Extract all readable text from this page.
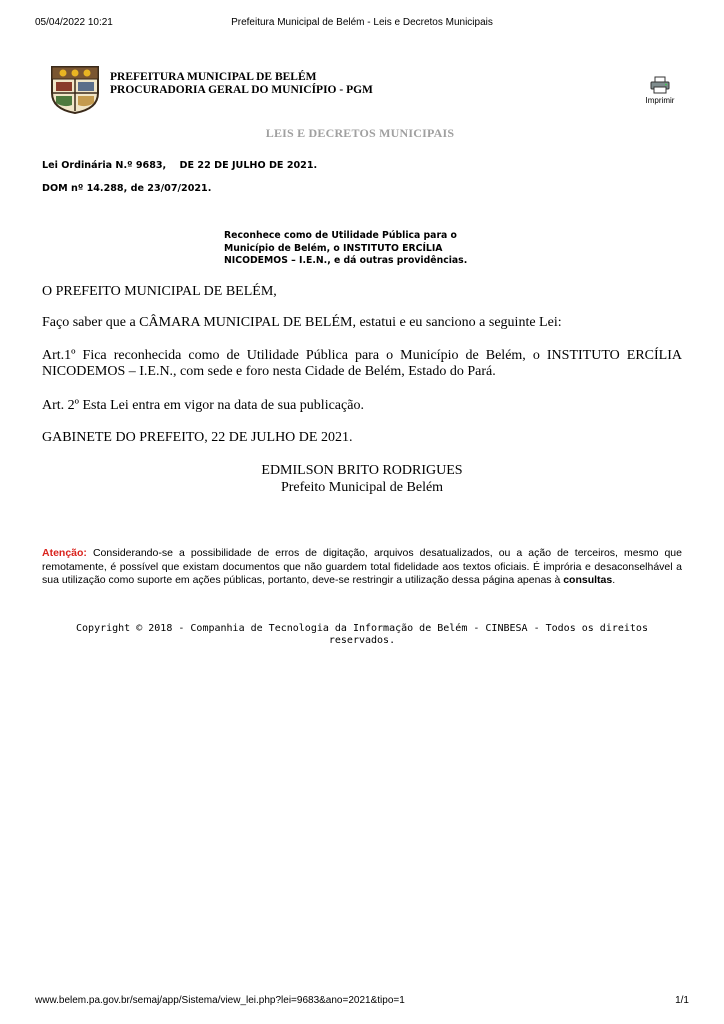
05/04/2022 10:21	Prefeitura Municipal de Belém - Leis e Decretos Municipais
PREFEITURA MUNICIPAL DE BELÉM
PROCURADORIA GERAL DO MUNICÍPIO - PGM
Imprimir
LEIS E DECRETOS MUNICIPAIS
Lei Ordinária N.º 9683,    DE 22 DE JULHO DE 2021.
DOM nº 14.288, de 23/07/2021.
Reconhece como de Utilidade Pública para o
Município de Belém, o INSTITUTO ERCÍLIA
NICODEMOS – I.E.N., e dá outras providências.
O PREFEITO MUNICIPAL DE BELÉM,
Faço saber que a CÂMARA MUNICIPAL DE BELÉM, estatui e eu sanciono a seguinte Lei:
Art.1º Fica reconhecida como de Utilidade Pública para o Município de Belém, o INSTITUTO ERCÍLIA NICODEMOS – I.E.N., com sede e foro nesta Cidade de Belém, Estado do Pará.
Art. 2º Esta Lei entra em vigor na data de sua publicação.
GABINETE DO PREFEITO, 22 DE JULHO DE 2021.
EDMILSON BRITO RODRIGUES
Prefeito Municipal de Belém
Atenção: Considerando-se a possibilidade de erros de digitação, arquivos desatualizados, ou a ação de terceiros, mesmo que remotamente, é possível que existam documentos que não guardem total fidelidade aos textos oficiais. É imprória e desaconselhável a sua utilização como suporte em ações públicas, portanto, deve-se restringir a utilização dessa página apenas à consultas.
Copyright © 2018 - Companhia de Tecnologia da Informação de Belém - CINBESA - Todos os direitos reservados.
www.belem.pa.gov.br/semaj/app/Sistema/view_lei.php?lei=9683&ano=2021&tipo=1	1/1
